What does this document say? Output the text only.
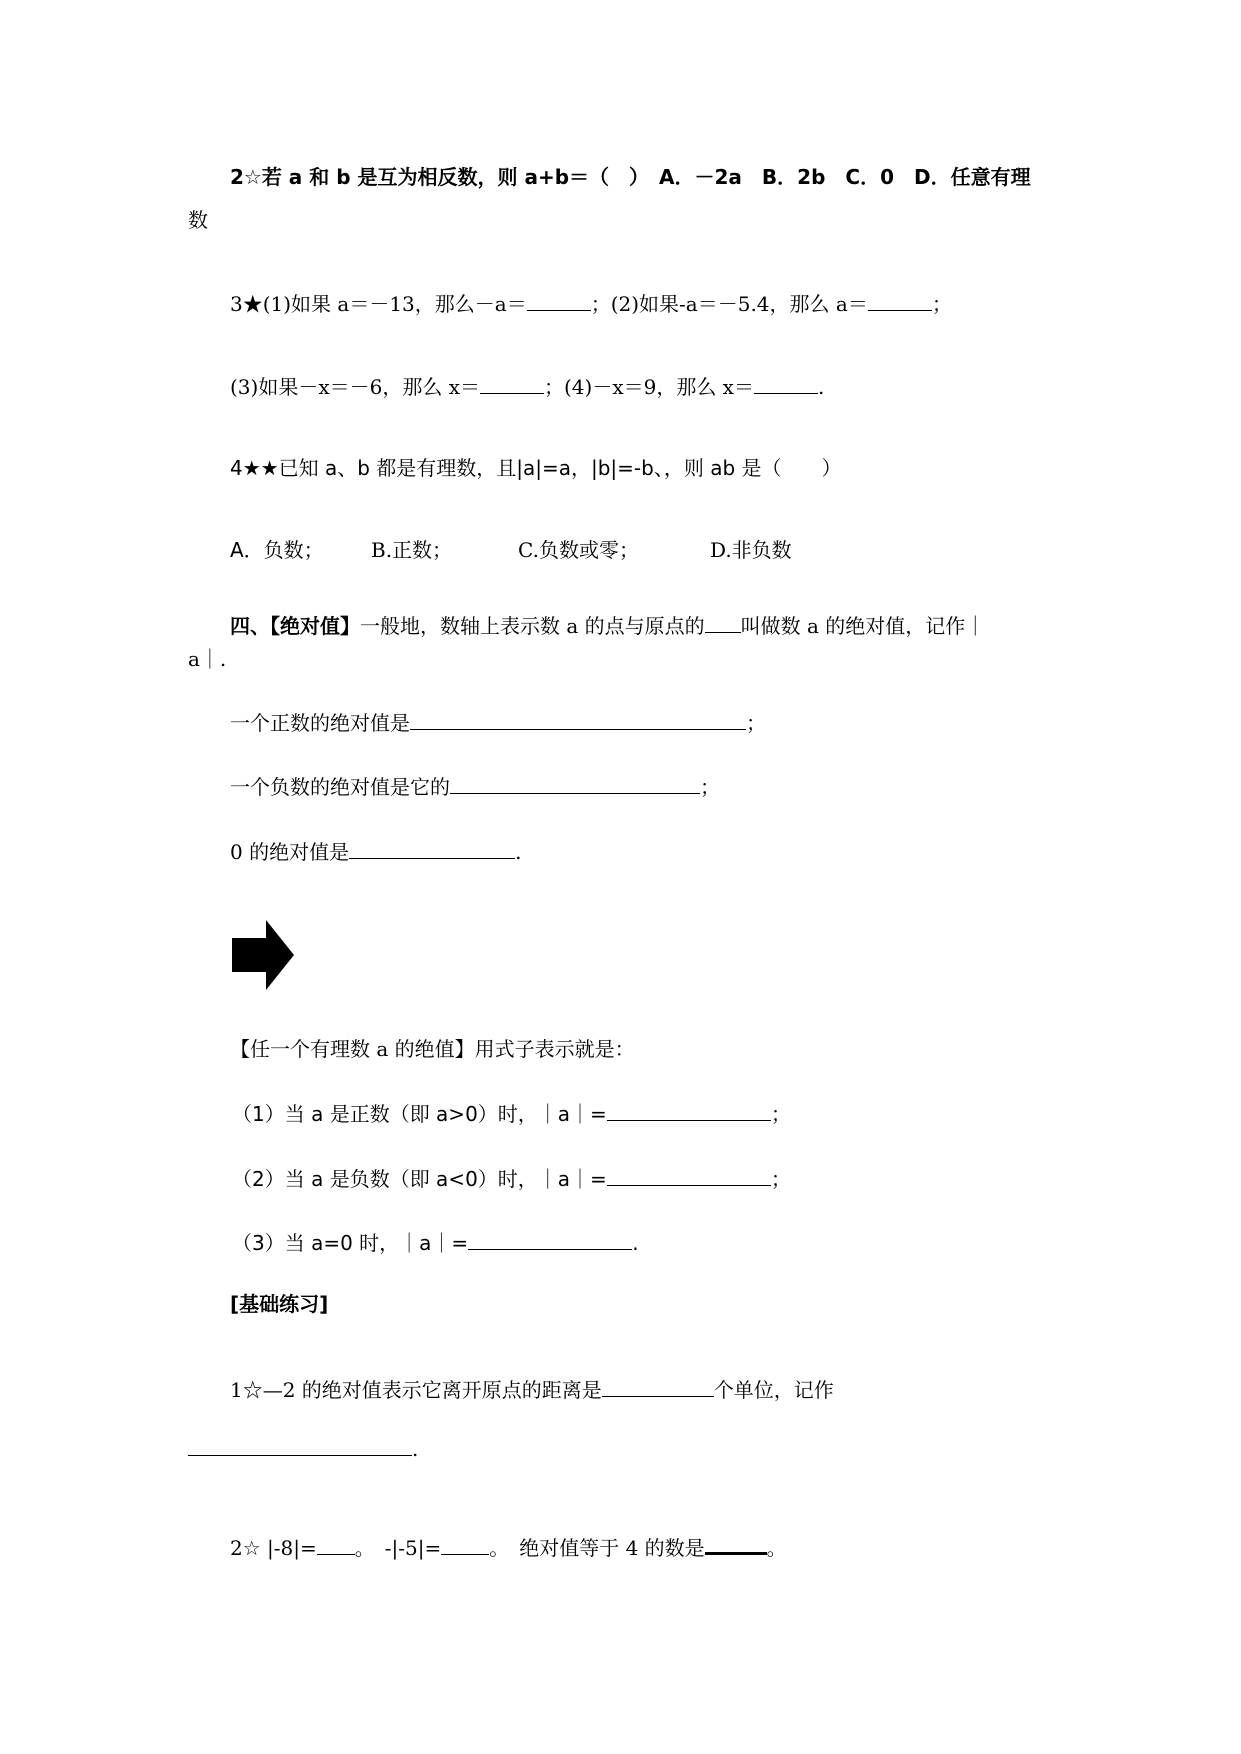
2☆若 a 和 b 是互为相反数，则 a+b＝（　）　A．－2a　B．2b　C．0　D．任意有理
数
3★(1)如果 a＝－13，那么－a＝	；(2)如果-a＝－5.4，那么 a＝	；
(3)如果－x＝－6，那么 x＝	；(4)－x＝9，那么 x＝	.
4★★已知 a、b 都是有理数，且|a|=a，|b|=-b、，则 ab 是（　　）
A．负数； B.正数；	C.负数或零；	D.非负数
四、【绝对值】一般地，数轴上表示数 a 的点与原点的 叫做数 a 的绝对值，记作｜
a｜.
一个正数的绝对值是	；
一个负数的绝对值是它的	；
0 的绝对值是	.
【任一个有理数 a 的绝值】用式子表示就是：
（1）当 a 是正数（即 a>0）时，｜a｜=	；
（2）当 a 是负数（即 a<0）时，｜a｜=	；
（3）当 a=0 时，｜a｜=	.
[基础练习]
1☆—2 的绝对值表示它离开原点的距离是	个单位，记作
.
2☆ |-8|= 。　-|-5|= 。　绝对值等于 4 的数是	。
